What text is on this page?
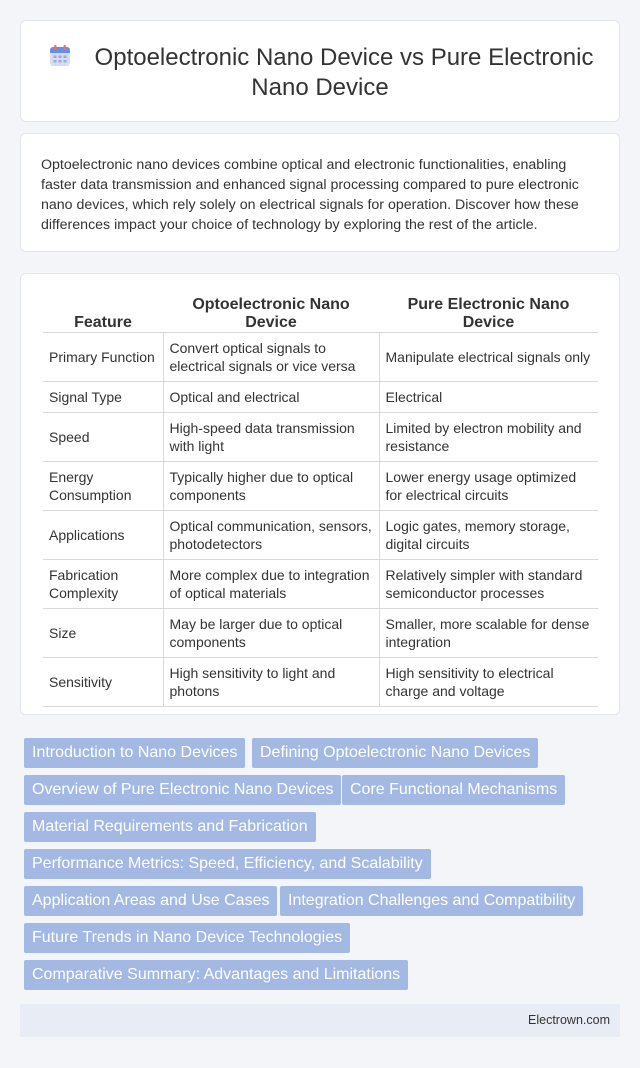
Optoelectronic Nano Device vs Pure Electronic Nano Device

Optoelectronic nano devices combine optical and electronic functionalities, enabling faster data transmission and enhanced signal processing compared to pure electronic nano devices, which rely solely on electrical signals for operation. Discover how these differences impact your choice of technology by exploring the rest of the article.

Feature	Optoelectronic Nano Device	Pure Electronic Nano Device
Primary Function	Convert optical signals to electrical signals or vice versa	Manipulate electrical signals only
Signal Type	Optical and electrical	Electrical
Speed	High-speed data transmission with light	Limited by electron mobility and resistance
Energy Consumption	Typically higher due to optical components	Lower energy usage optimized for electrical circuits
Applications	Optical communication, sensors, photodetectors	Logic gates, memory storage, digital circuits
Fabrication Complexity	More complex due to integration of optical materials	Relatively simpler with standard semiconductor processes
Size	May be larger due to optical components	Smaller, more scalable for dense integration
Sensitivity	High sensitivity to light and photons	High sensitivity to electrical charge and voltage
Introduction to Nano Devices	Defining Optoelectronic Nano Devices
Overview of Pure Electronic Nano Devices	Core Functional Mechanisms
Material Requirements and Fabrication
Performance Metrics: Speed, Efficiency, and Scalability
Application Areas and Use Cases	Integration Challenges and Compatibility
Future Trends in Nano Device Technologies
Comparative Summary: Advantages and Limitations
Electrown.com
